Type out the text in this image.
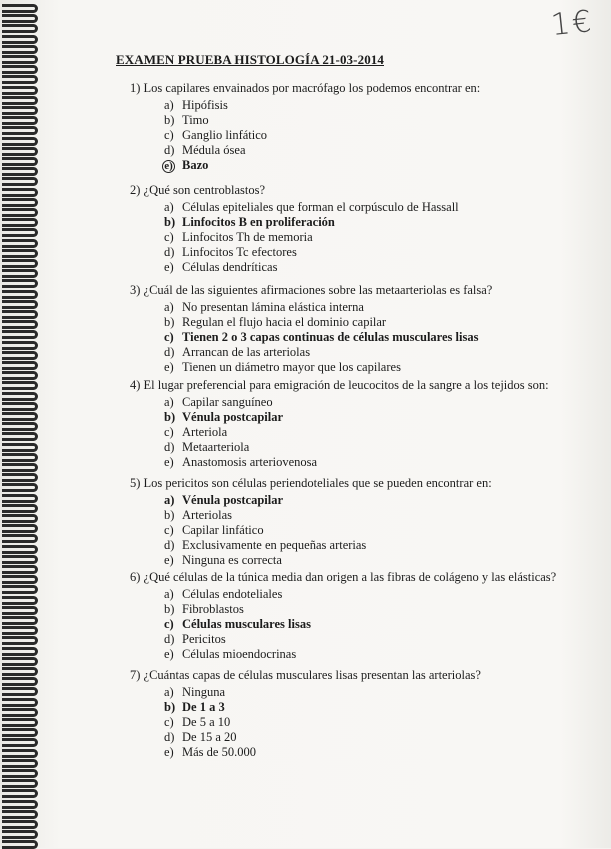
1€
EXAMEN PRUEBA HISTOLOGÍA 21-03-2014
1) Los capilares envainados por macrófago los podemos encontrar en:
a) Hipófisis
b) Timo
c) Ganglio linfático
d) Médula ósea
e) Bazo
2) ¿Qué son centroblastos?
a) Células epiteliales que forman el corpúsculo de Hassall
b) Linfocitos B en proliferación
c) Linfocitos Th de memoria
d) Linfocitos Tc efectores
e) Células dendríticas
3) ¿Cuál de las siguientes afirmaciones sobre las metaarteriolas es falsa?
a) No presentan lámina elástica interna
b) Regulan el flujo hacia el dominio capilar
c) Tienen 2 o 3 capas continuas de células musculares lisas
d) Arrancan de las arteriolas
e) Tienen un diámetro mayor que los capilares
4) El lugar preferencial para emigración de leucocitos de la sangre a los tejidos son:
a) Capilar sanguíneo
b) Vénula postcapilar
c) Arteriola
d) Metaarteriola
e) Anastomosis arteriovenosa
5) Los pericitos son células periendoteliales que se pueden encontrar en:
a) Vénula postcapilar
b) Arteriolas
c) Capilar linfático
d) Exclusivamente en pequeñas arterias
e) Ninguna es correcta
6) ¿Qué células de la túnica media dan origen a las fibras de colágeno y las elásticas?
a) Células endoteliales
b) Fibroblastos
c) Células musculares lisas
d) Pericitos
e) Células mioendocrinas
7) ¿Cuántas capas de células musculares lisas presentan las arteriolas?
a) Ninguna
b) De 1 a 3
c) De 5 a 10
d) De 15 a 20
e) Más de 50.000
